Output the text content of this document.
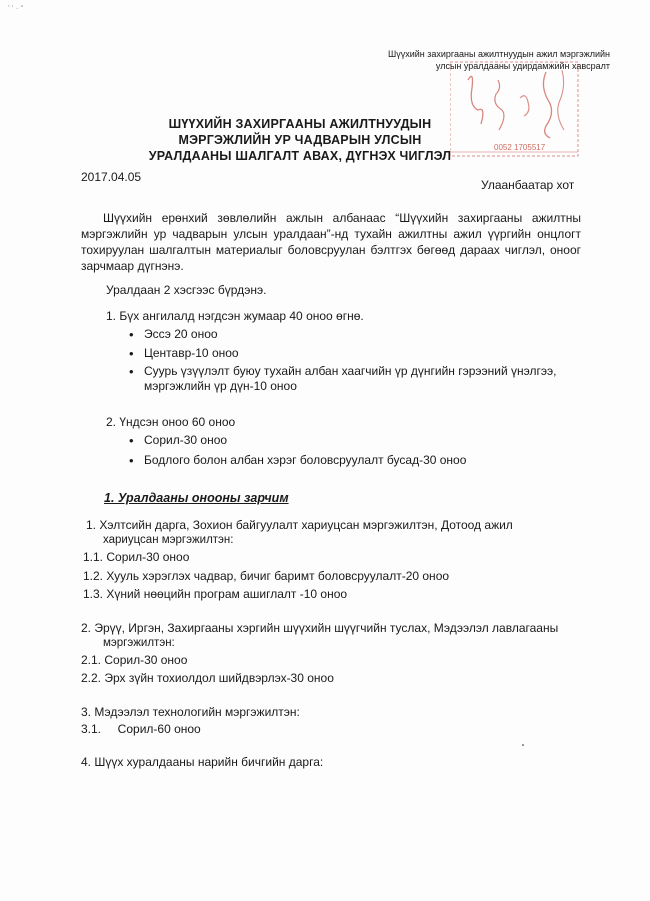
’ ‘ · “
0052 1705517
Шүүхийн захиргааны ажилтнуудын ажил мэргэжлийн
улсын уралдааны удирдамжийн хавсралт
ШҮҮХИЙН ЗАХИРГААНЫ АЖИЛТНУУДЫН
МЭРГЭЖЛИЙН УР ЧАДВАРЫН УЛСЫН
УРАЛДААНЫ ШАЛГАЛТ АВАХ, ДҮГНЭХ ЧИГЛЭЛ
2017.04.05
Улаанбаатар хот
Шүүхийн ерөнхий зөвлөлийн ажлын албанаас “Шүүхийн захиргааны ажилтны мэргэжлийн ур чадварын улсын уралдаан”-нд тухайн ажилтны ажил үүргийн онцлогт тохируулан шалгалтын материалыг боловсруулан бэлтгэх бөгөөд дараах чиглэл, оноог зарчмаар дүгнэнэ.
Уралдаан 2 хэсгээс бүрдэнэ.
1. Бүх ангилалд нэгдсэн жумаар 40 оноо өгнө.
• Эссэ 20 оноо
• Центавр-10 оноо
• Суурь үзүүлэлт буюу тухайн албан хаагчийн үр дүнгийн гэрээний үнэлгээ,
мэргэжлийн үр дүн-10 оноо
2. Үндсэн оноо 60 оноо
• Сорил-30 оноо
• Бодлого болон албан хэрэг боловсруулалт бусад-30 оноо
1. Уралдааны онооны зарчим
1. Хэлтсийн дарга, Зохион байгуулалт хариуцсан мэргэжилтэн, Дотоод ажил
хариуцсан мэргэжилтэн:
1.1. Сорил-30 оноо
1.2. Хууль хэрэглэх чадвар, бичиг баримт боловсруулалт-20 оноо
1.3. Хүний нөөцийн програм ашиглалт -10 оноо
2. Эрүү, Иргэн, Захиргааны хэргийн шүүхийн шүүгчийн туслах, Мэдээлэл лавлагааны
мэргэжилтэн:
2.1. Сорил-30 оноо
2.2. Эрх зүйн тохиолдол шийдвэрлэх-30 оноо
3. Мэдээлэл технологийн мэргэжилтэн:
3.1.     Сорил-60 оноо
4. Шүүх хуралдааны нарийн бичгийн дарга:
